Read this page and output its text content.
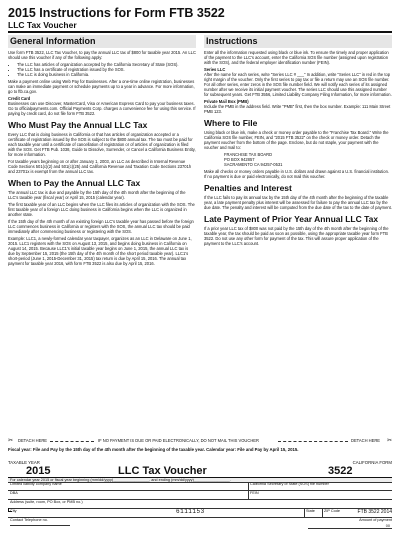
2015 Instructions for Form FTB 3522
LLC Tax Voucher
General Information

Use form FTB 3522, LLC Tax Voucher, to pay the annual LLC tax of $800 for taxable year 2015. An LLC should use this voucher if any of the following apply:

• The LLC has articles of organization accepted by the California Secretary of State (SOS).
• The LLC has a certificate of registration issued by the SOS.
• The LLC is doing business in California.

Make a payment online using Web Pay for Businesses. After a one-time online registration, businesses can make an immediate payment or schedule payments up to a year in advance. For more information, go to ftb.ca.gov.

Credit Card

Businesses can use Discover, MasterCard, Visa or American Express Card to pay your business taxes. Go to officialpayments.com. Official Payments Corp. charges a convenience fee for using this service. If paying by credit card, do not file form FTB 3522.

Who Must Pay the Annual LLC Tax

Every LLC that is doing business in California or that has articles of organization accepted or a certificate of registration issued by the SOS is subject to the $800 annual tax. The tax must be paid for each taxable year until a certificate of cancellation of registration or of articles of organization is filed with the SOS. Get FTB Pub. 1038, Guide to Dissolve, Surrender, or Cancel a California Business Entity, for more information.

For taxable years beginning on or after January 1, 2003, an LLC as described in Internal Revenue Code Sections 501(c)(2) and 501(c)(25) and California Revenue and Taxation Code Sections 23701h and 23701x is exempt from the annual LLC tax.

When to Pay the Annual LLC Tax

The annual LLC tax is due and payable by the 15th day of the 4th month after the beginning of the LLC's taxable year (fiscal year) or April 15, 2015 (calendar year).

The first taxable year of an LLC begins when the LLC files its articles of organization with the SOS. The first taxable year of a foreign LLC doing business in California begins when the LLC is organized in another state.

If the 15th day of the 4th month of an existing foreign LLC's taxable year has passed before the foreign LLC commences business in California or registers with the SOS, the annual LLC tax should be paid immediately after commencing business or registering with the SOS.

Example: LLC1, a newly-formed calendar year taxpayer, organizes as an LLC in Delaware on June 1, 2015. LLC1 registers with the SOS on August 13, 2015, and begins doing business in California on August 14, 2015. Because LLC1's initial taxable year begins on June 1, 2015, the annual LLC tax is due by September 15, 2015 (the 15th day of the 4th month of the short period taxable year). LLC1's short-period (June 1, 2015-December 31, 2015) tax return is due by April 15, 2016. The annual tax payment for taxable year 2016, with form FTB 3522 is also due by April 15, 2016.

Instructions

Enter all the information requested using black or blue ink. To ensure the timely and proper application of the payment to the LLC's account, enter the California SOS file number (assigned upon registration with the SOS), and the federal employer identification number (FEIN).

Series LLC

After the name for each series, write "Series LLC # ___" In addition, write "Series LLC" in red in the top right margin of the voucher. Only the first series to pay tax or file a return may use an SOS file number. For all other series, enter zeros in the SOS file number field. We will notify each series of its assigned number after we receive its initial payment voucher. The series LLC should use this assigned number for subsequent years. Get FTB 3556, Limited Liability Company Filing Information, for more information.

Private Mail Box (PMB)

Include the PMB in the address field. Write "PMB" first, then the box number. Example: 111 Main Street PMB 123.

Where to File

Using black or blue ink, make a check or money order payable to the "Franchise Tax Board." Write the California SOS file number, FEIN, and "2015 FTB 3522" on the check or money order. Detach the payment voucher from the bottom of the page. Enclose, but do not staple, your payment with the voucher and mail to:

FRANCHISE TAX BOARD
PO BOX 942857
SACRAMENTO CA 94257-0531

Make all checks or money orders payable in U.S. dollars and drawn against a U.S. financial institution. If no payment is due or paid electronically, do not mail this voucher.

Penalties and Interest

If the LLC fails to pay its annual tax by the 15th day of the 4th month after the beginning of the taxable year, a late payment penalty plus interest will be assessed for failure to pay the annual LLC tax by the due date. The penalty and interest will be computed from the due date of the tax to the date of payment.

Late Payment of Prior Year Annual LLC Tax

If a prior year LLC tax of $800 was not paid by the 15th day of the 4th month after the beginning of the taxable year, the tax should be paid as soon as possible, using the appropriate taxable year form FTB 3522. Do not use any other form for payment of the tax. This will assure proper application of the payment to the LLC's account.

✂ DETACH HERE	IF NO PAYMENT IS DUE OR PAID ELECTRONICALLY, DO NOT MAIL THIS VOUCHER	DETACH HERE ✂
Fiscal year: File and Pay by the 15th day of the 4th month after the beginning of the taxable year. Calendar year: File and Pay by April 15, 2015.
TAXABLE YEAR	CALIFORNIA FORM
2015	LLC Tax Voucher	3522
For calendar year 2015 or fiscal year beginning (mm/dd/yyyy)_________________, and ending (mm/dd/yyyy)_________________.
Limited liability company name	California Secretary of State (SOS) file number
DBA	FEIN
Address (suite, room, PO Box, or PMB no.)
City	State ZIP Code
Contact Telephone no.	Amount of payment
00
6111153	FTB 3522 2014
